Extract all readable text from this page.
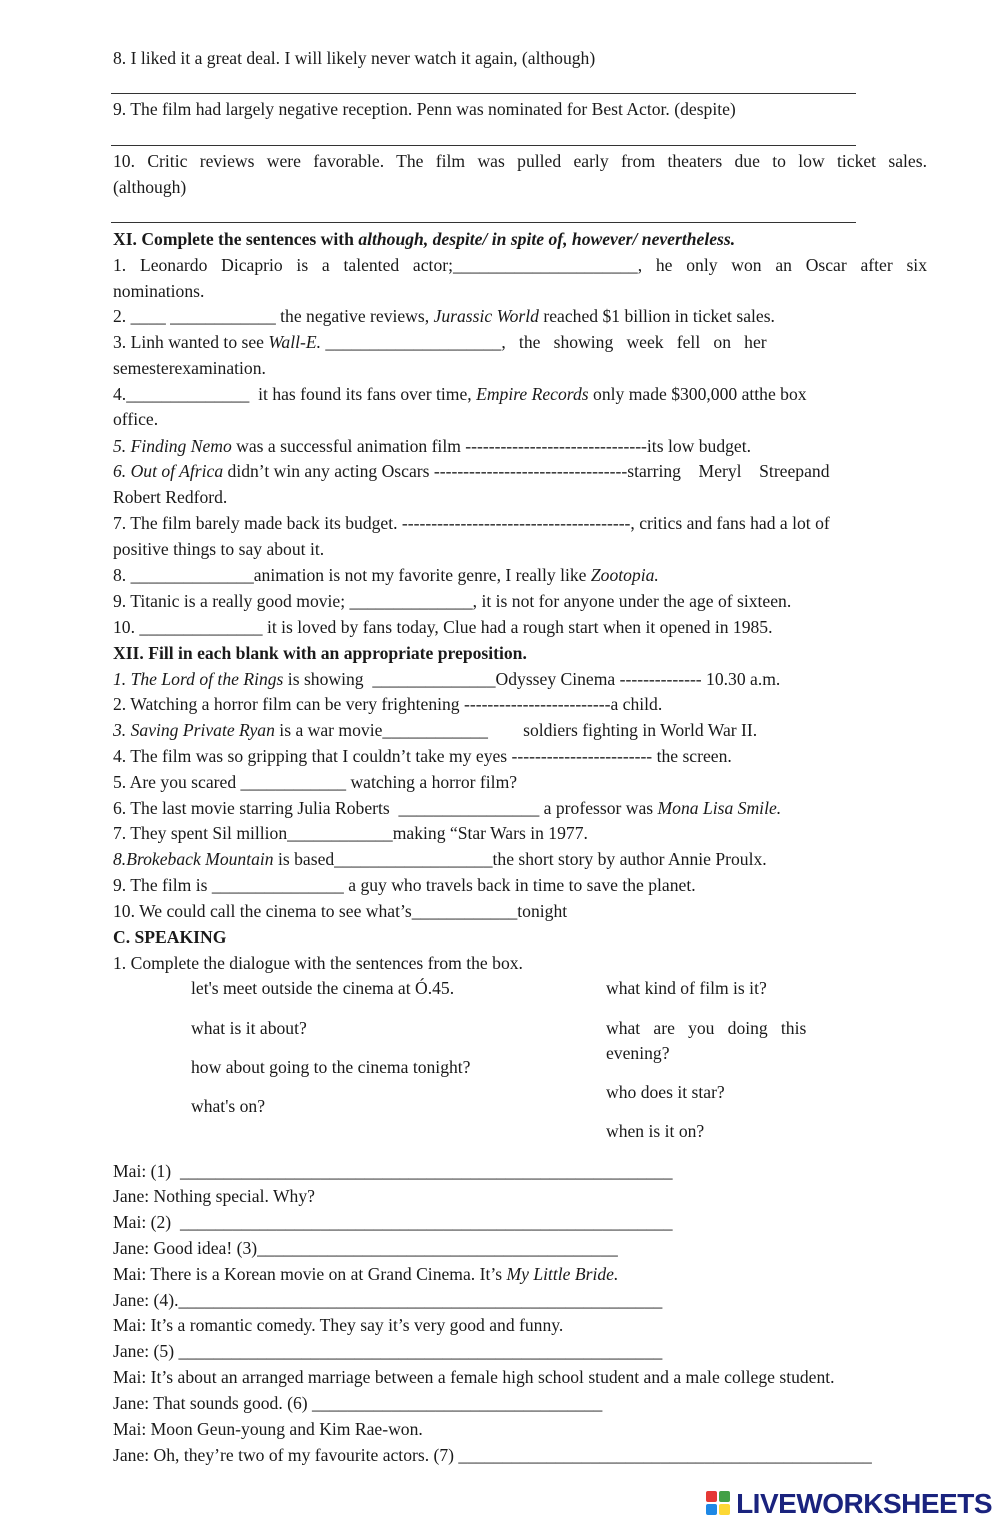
8. I liked it a great deal. I will likely never watch it again, (although)
9. The film had largely negative reception. Penn was nominated for Best Actor. (despite)
10. Critic reviews were favorable. The film was pulled early from theaters due to low ticket sales.
(although)
XI. Complete the sentences with although, despite/ in spite of, however/ nevertheless.
1. Leonardo Dicaprio is a talented actor;_____________________, he only won an Oscar after six
nominations.
2. ____ ____________ the negative reviews, Jurassic World reached $1 billion in ticket sales.
3. Linh wanted to see Wall-E. ____________________,   the   showing   week   fell   on   her
semesterexamination.
4.______________  it has found its fans over time, Empire Records only made $300,000 atthe box
office.
5. Finding Nemo was a successful animation film -------------------------------its low budget.
6. Out of Africa didn’t win any acting Oscars ---------------------------------starring    Meryl    Streepand
Robert Redford.
7. The film barely made back its budget. ---------------------------------------, critics and fans had a lot of
positive things to say about it.
8. ______________animation is not my favorite genre, I really like Zootopia.
9. Titanic is a really good movie; ______________, it is not for anyone under the age of sixteen.
10. ______________ it is loved by fans today, Clue had a rough start when it opened in 1985.
XII. Fill in each blank with an appropriate preposition.
1. The Lord of the Rings is showing  ______________Odyssey Cinema -------------- 10.30 a.m.
2. Watching a horror film can be very frightening -------------------------a child.
3. Saving Private Ryan is a war movie____________        soldiers fighting in World War II.
4. The film was so gripping that I couldn’t take my eyes ------------------------ the screen.
5. Are you scared ____________ watching a horror film?
6. The last movie starring Julia Roberts  ________________ a professor was Mona Lisa Smile.
7. They spent Sil million____________making “Star Wars in 1977.
8.Brokeback Mountain is based__________________the short story by author Annie Proulx.
9. The film is _______________ a guy who travels back in time to save the planet.
10. We could call the cinema to see what’s____________tonight
C. SPEAKING
1. Complete the dialogue with the sentences from the box.
let's meet outside the cinema at Ó.45.
what is it about?
how about going to the cinema tonight?
what's on?
what kind of film is it?
what   are   you   doing   this
evening?
who does it star?
when is it on?
Mai: (1)  ________________________________________________________
Jane: Nothing special. Why?
Mai: (2)  ________________________________________________________
Jane: Good idea! (3)_________________________________________
Mai: There is a Korean movie on at Grand Cinema. It’s My Little Bride.
Jane: (4)._______________________________________________________
Mai: It’s a romantic comedy. They say it’s very good and funny.
Jane: (5) _______________________________________________________
Mai: It’s about an arranged marriage between a female high school student and a male college student.
Jane: That sounds good. (6) _________________________________
Mai: Moon Geun-young and Kim Rae-won.
Jane: Oh, they’re two of my favourite actors. (7) _______________________________________________
LIVEWORKSHEETS
